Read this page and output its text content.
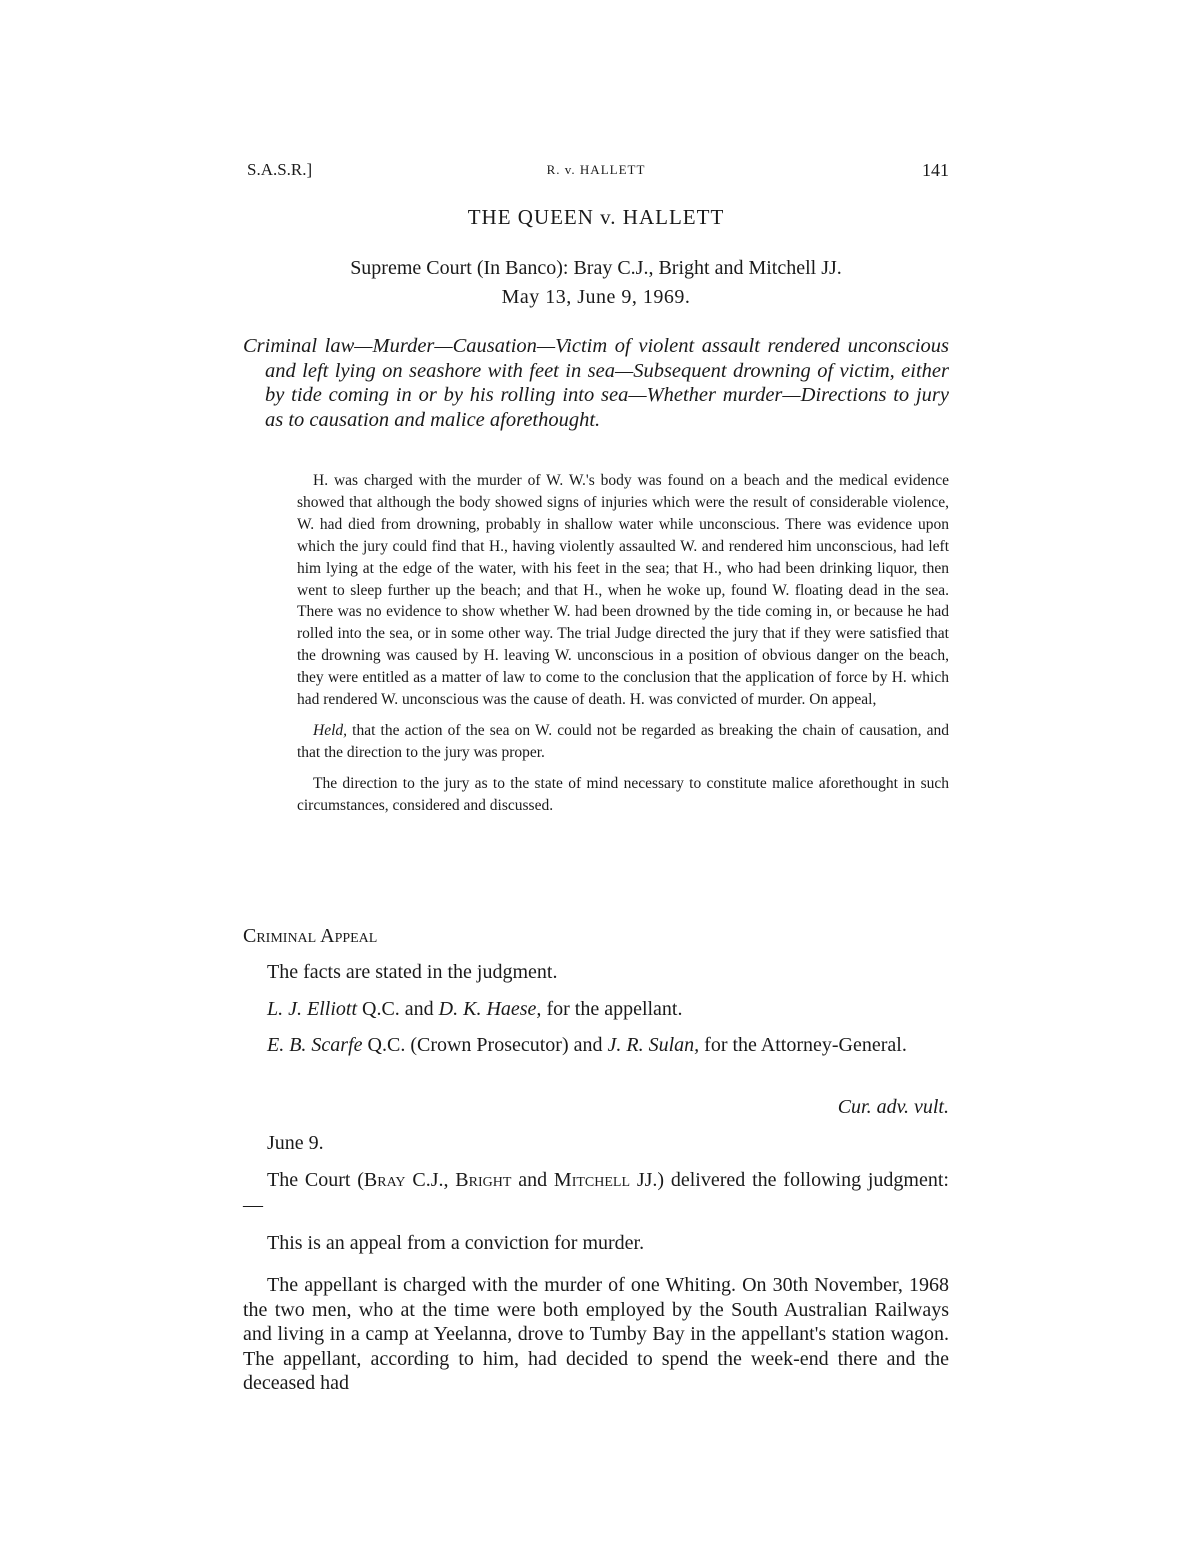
S.A.S.R.]	R. v. HALLETT	141
THE QUEEN v. HALLETT
Supreme Court (In Banco): Bray C.J., Bright and Mitchell JJ.
May 13, June 9, 1969.
Criminal law—Murder—Causation—Victim of violent assault rendered unconscious and left lying on seashore with feet in sea—Subsequent drowning of victim, either by tide coming in or by his rolling into sea—Whether murder—Directions to jury as to causation and malice aforethought.

H. was charged with the murder of W. W.'s body was found on a beach and the medical evidence showed that although the body showed signs of injuries which were the result of considerable violence, W. had died from drowning, probably in shallow water while unconscious. There was evidence upon which the jury could find that H., having violently assaulted W. and rendered him unconscious, had left him lying at the edge of the water, with his feet in the sea; that H., who had been drinking liquor, then went to sleep further up the beach; and that H., when he woke up, found W. floating dead in the sea. There was no evidence to show whether W. had been drowned by the tide coming in, or because he had rolled into the sea, or in some other way. The trial Judge directed the jury that if they were satisfied that the drowning was caused by H. leaving W. unconscious in a position of obvious danger on the beach, they were entitled as a matter of law to come to the conclusion that the application of force by H. which had rendered W. unconscious was the cause of death. H. was convicted of murder. On appeal,

Held, that the action of the sea on W. could not be regarded as breaking the chain of causation, and that the direction to the jury was proper.

The direction to the jury as to the state of mind necessary to constitute malice aforethought in such circumstances, considered and discussed.

Criminal Appeal
The facts are stated in the judgment.
L. J. Elliott Q.C. and D. K. Haese, for the appellant.
E. B. Scarfe Q.C. (Crown Prosecutor) and J. R. Sulan, for the Attorney-General.
Cur. adv. vult.
June 9.
The Court (Bray C.J., Bright and Mitchell JJ.) delivered the following judgment:—
This is an appeal from a conviction for murder.
The appellant is charged with the murder of one Whiting. On 30th November, 1968 the two men, who at the time were both employed by the South Australian Railways and living in a camp at Yeelanna, drove to Tumby Bay in the appellant's station wagon. The appellant, according to him, had decided to spend the week-end there and the deceased had
